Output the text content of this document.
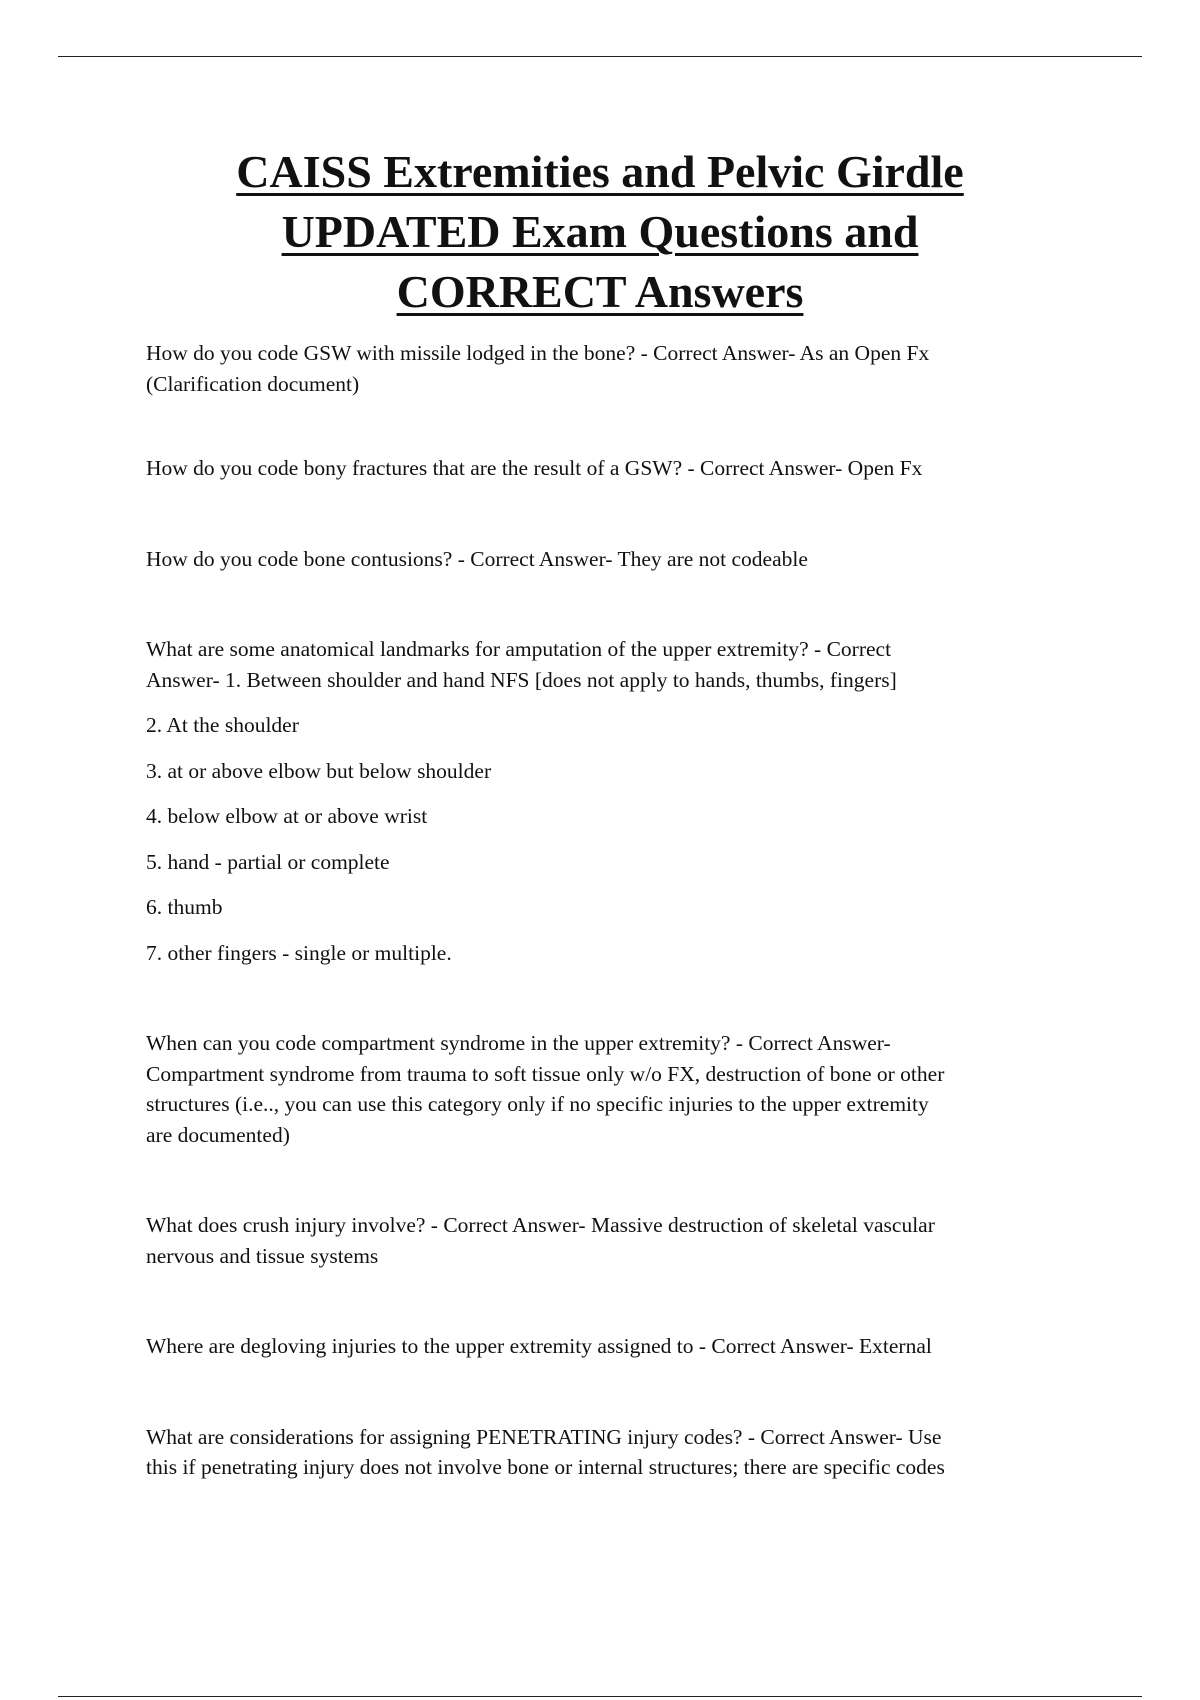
CAISS Extremities and Pelvic Girdle
UPDATED Exam Questions and
CORRECT Answers
How do you code GSW with missile lodged in the bone? - Correct Answer- As an Open Fx
(Clarification document)
How do you code bony fractures that are the result of a GSW? - Correct Answer- Open Fx
How do you code bone contusions? - Correct Answer- They are not codeable
What are some anatomical landmarks for amputation of the upper extremity? - Correct
Answer- 1. Between shoulder and hand NFS [does not apply to hands, thumbs, fingers]
2. At the shoulder
3. at or above elbow but below shoulder
4. below elbow at or above wrist
5. hand - partial or complete
6. thumb
7. other fingers - single or multiple.
When can you code compartment syndrome in the upper extremity? - Correct Answer-
Compartment syndrome from trauma to soft tissue only w/o FX, destruction of bone or other
structures (i.e.., you can use this category only if no specific injuries to the upper extremity
are documented)
What does crush injury involve? - Correct Answer- Massive destruction of skeletal vascular
nervous and tissue systems
Where are degloving injuries to the upper extremity assigned to - Correct Answer- External
What are considerations for assigning PENETRATING injury codes? - Correct Answer- Use
this if penetrating injury does not involve bone or internal structures; there are specific codes
